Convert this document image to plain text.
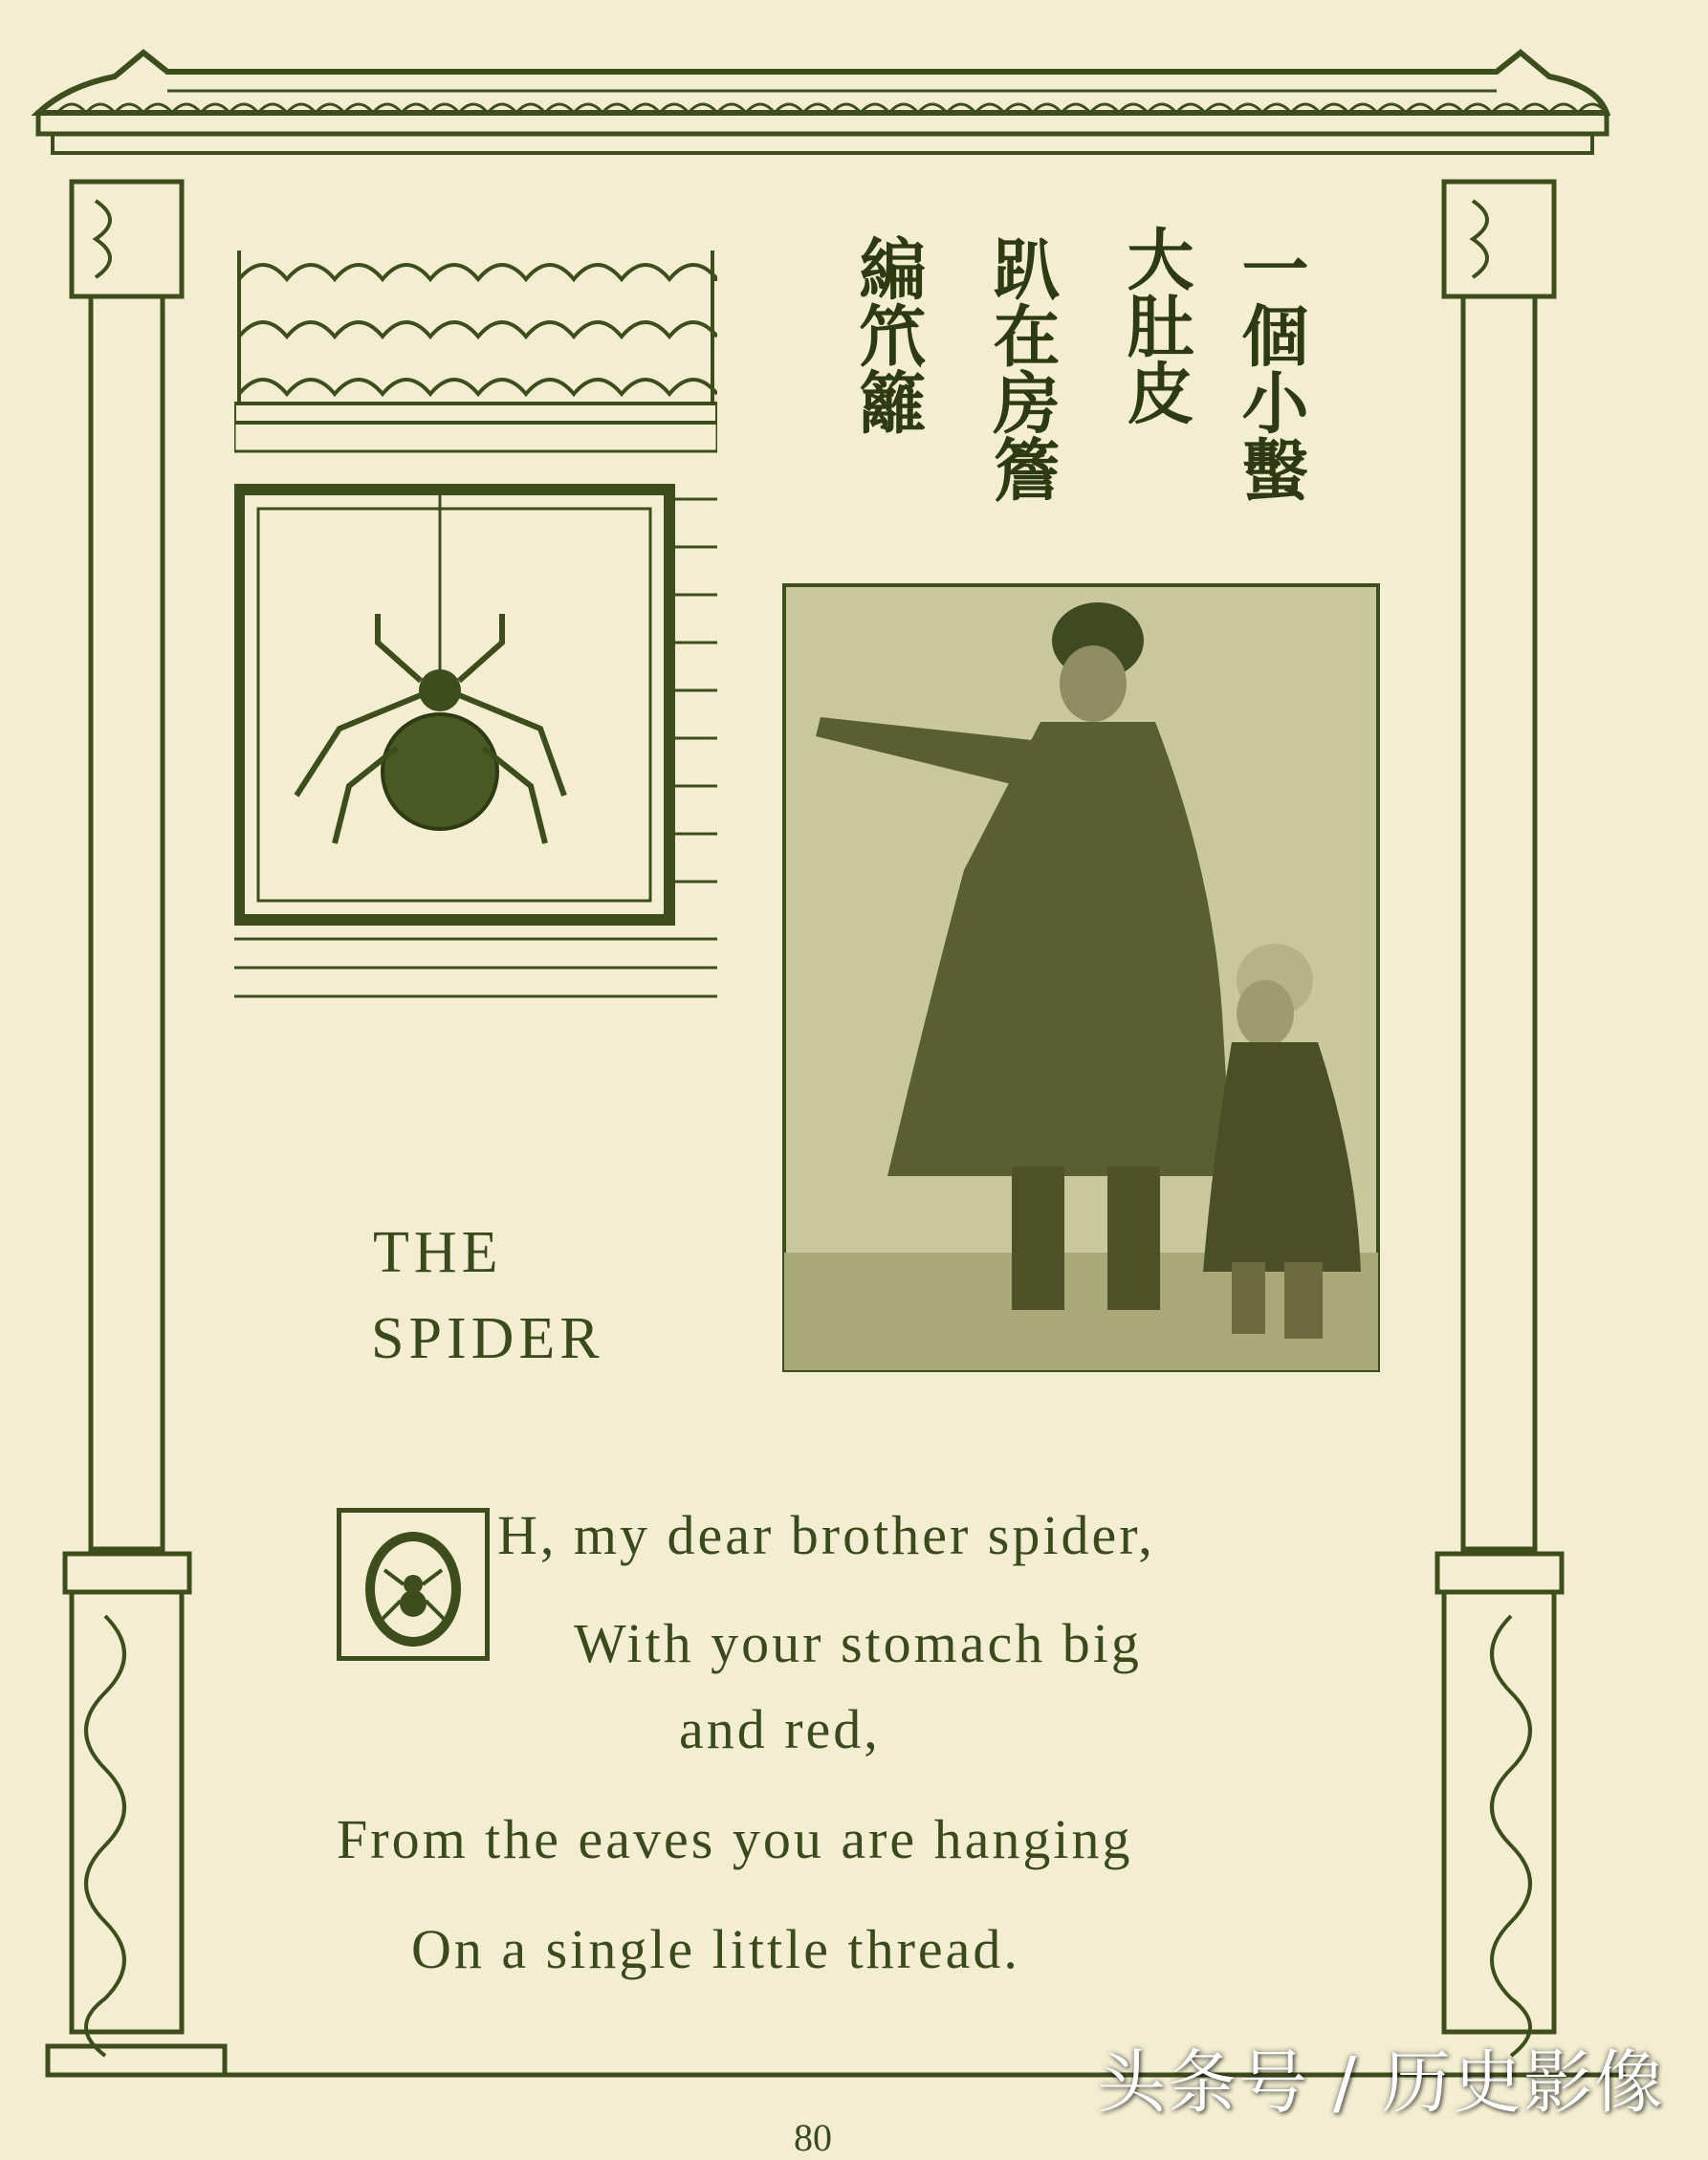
一個小蟿
大肚皮
趴在房簷
編笊籬
THE
SPIDER
H, my dear brother spider,
With your stomach big
and red,
From the eaves you are hanging
On a single little thread.
头条号 / 历史影像
80
